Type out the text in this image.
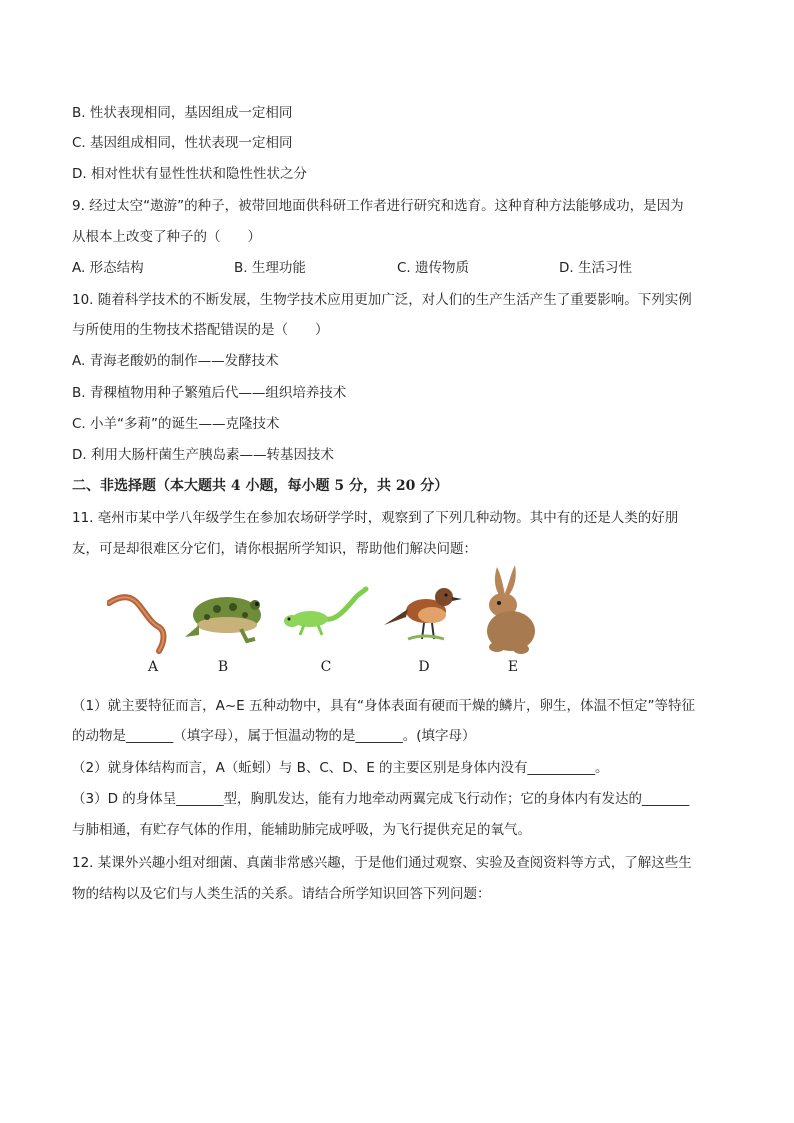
B. 性状表现相同，基因组成一定相同
C. 基因组成相同，性状表现一定相同
D. 相对性状有显性性状和隐性性状之分
9. 经过太空“遨游”的种子，被带回地面供科研工作者进行研究和选育。这种育种方法能够成功，是因为
从根本上改变了种子的（　　）
A. 形态结构	B. 生理功能	C. 遗传物质	D. 生活习性
10. 随着科学技术的不断发展，生物学技术应用更加广泛，对人们的生产生活产生了重要影响。下列实例
与所使用的生物技术搭配错误的是（　　）
A. 青海老酸奶的制作——发酵技术
B. 青稞植物用种子繁殖后代——组织培养技术
C. 小羊“多莉”的诞生——克隆技术
D. 利用大肠杆菌生产胰岛素——转基因技术
二、非选择题（本大题共 4 小题，每小题 5 分，共 20 分）
11. 亳州市某中学八年级学生在参加农场研学学时，观察到了下列几种动物。其中有的还是人类的好朋
友，可是却很难区分它们，请你根据所学知识，帮助他们解决问题：
A	B	C	D	E
（1）就主要特征而言，A~E 五种动物中，具有“身体表面有硬而干燥的鳞片，卵生，体温不恒定”等特征
的动物是_______（填字母），属于恒温动物的是_______。(填字母）
（2）就身体结构而言，A（蚯蚓）与 B、C、D、E 的主要区别是身体内没有__________。
（3）D 的身体呈_______型，胸肌发达，能有力地牵动两翼完成飞行动作；它的身体内有发达的_______
与肺相通，有贮存气体的作用，能辅助肺完成呼吸，为飞行提供充足的氧气。
12. 某课外兴趣小组对细菌、真菌非常感兴趣，于是他们通过观察、实验及查阅资料等方式，了解这些生
物的结构以及它们与人类生活的关系。请结合所学知识回答下列问题：
